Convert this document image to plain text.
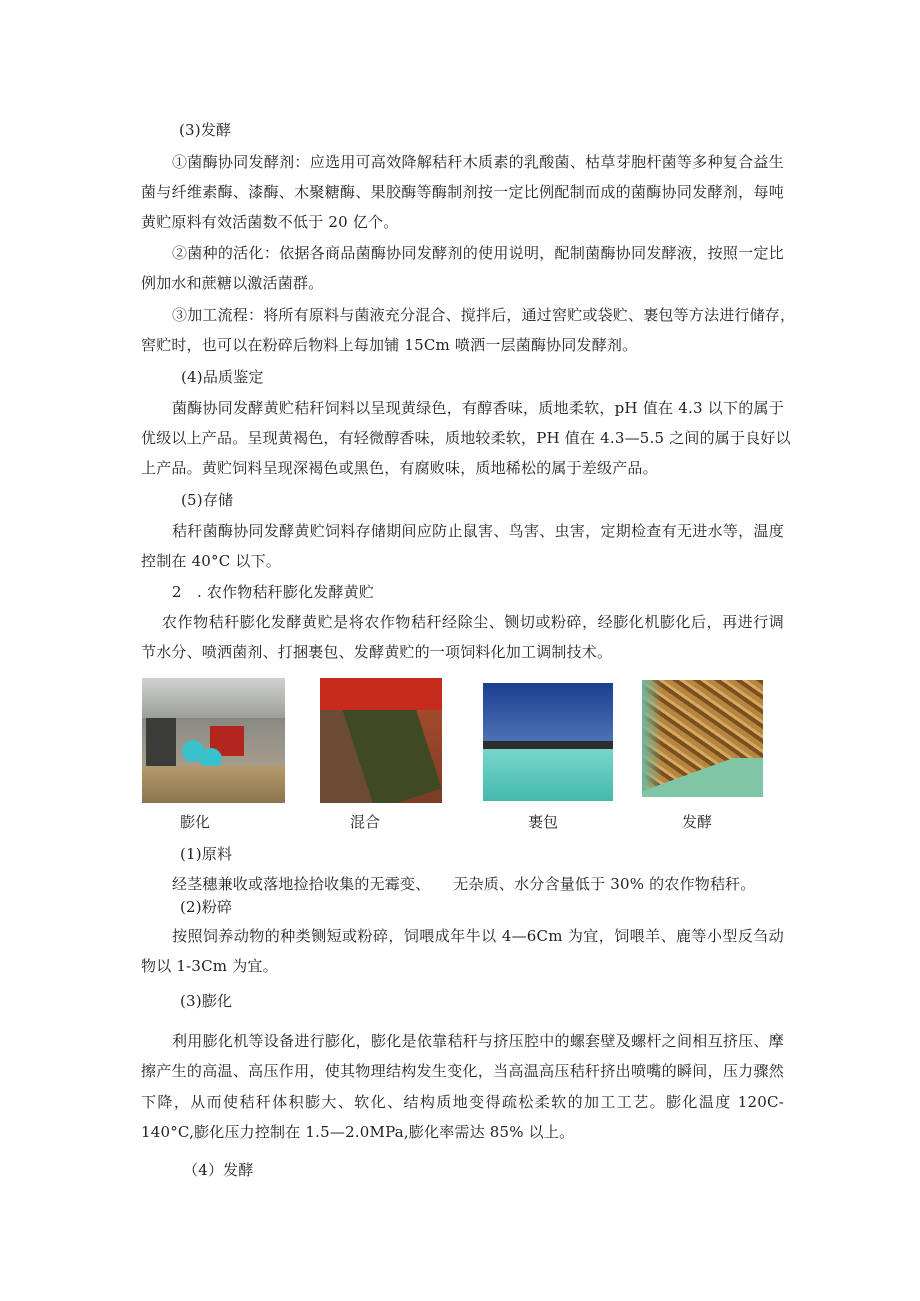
(3)发酵
①菌酶协同发酵剂：应选用可高效降解秸秆木质素的乳酸菌、枯草芽胞杆菌等多种复合益生
菌与纤维素酶、漆酶、木聚糖酶、果胶酶等酶制剂按一定比例配制而成的菌酶协同发酵剂，每吨
黄贮原料有效活菌数不低于 20 亿个。
②菌种的活化：依据各商品菌酶协同发酵剂的使用说明，配制菌酶协同发酵液，按照一定比
例加水和蔗糖以激活菌群。
③加工流程：将所有原料与菌液充分混合、搅拌后，通过窖贮或袋贮、裹包等方法进行储存，
窖贮时，也可以在粉碎后物料上每加铺 15Cm 喷洒一层菌酶协同发酵剂。
(4)品质鉴定
菌酶协同发酵黄贮秸秆饲料以呈现黄绿色，有醇香味，质地柔软，pH 值在 4.3 以下的属于
优级以上产品。呈现黄褐色，有轻微醇香味，质地较柔软，PH 值在 4.3—5.5 之间的属于良好以
上产品。黄贮饲料呈现深褐色或黑色，有腐败味，质地稀松的属于差级产品。
(5)存储
秸秆菌酶协同发酵黄贮饲料存储期间应防止鼠害、鸟害、虫害，定期检查有无进水等，温度
控制在 40°C 以下。
2　. 农作物秸秆膨化发酵黄贮
农作物秸秆膨化发酵黄贮是将农作物秸秆经除尘、铡切或粉碎，经膨化机膨化后，再进行调
节水分、喷洒菌剂、打捆裹包、发酵黄贮的一项饲料化加工调制技术。
膨化	混合	裹包	发酵
(1)原料
经茎穗兼收或落地捡拾收集的无霉变、　　无杂质、水分含量低于 30% 的农作物秸秆。
(2)粉碎
按照饲养动物的种类铡短或粉碎，饲喂成年牛以 4—6Cm 为宜，饲喂羊、鹿等小型反刍动
物以 1-3Cm 为宜。
(3)膨化
利用膨化机等设备进行膨化，膨化是依靠秸秆与挤压腔中的螺套壁及螺杆之间相互挤压、摩
擦产生的高温、高压作用，使其物理结构发生变化，当高温高压秸秆挤出喷嘴的瞬间，压力骤然
下降，从而使秸秆体积膨大、软化、结构质地变得疏松柔软的加工工艺。膨化温度 120C-
140°C,膨化压力控制在 1.5—2.0MPa,膨化率需达 85% 以上。
（4）发酵
